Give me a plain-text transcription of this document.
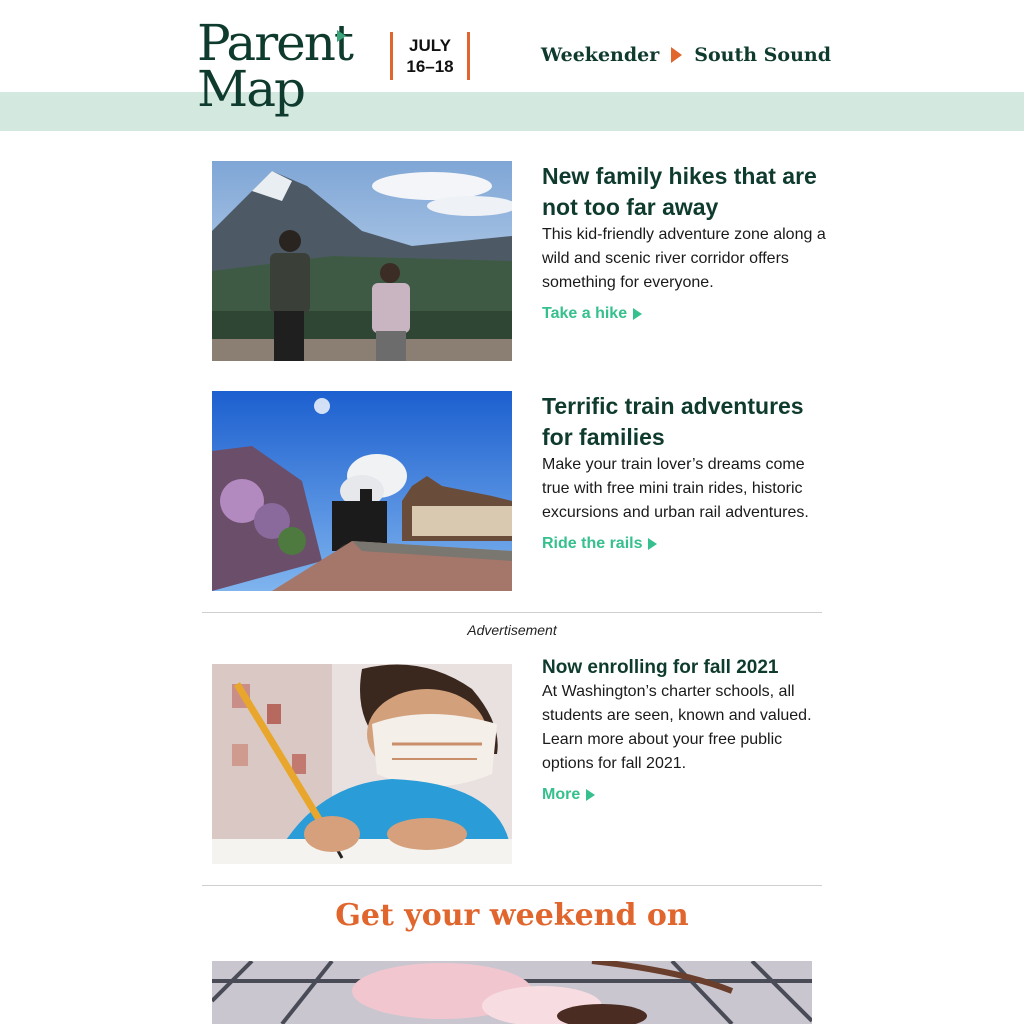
Parent
Map
JULY
16–18
Weekender South Sound
New family hikes that are not too far away

This kid-friendly adventure zone along a wild and scenic river corridor offers something for everyone.

Take a hike
Terrific train adventures for families

Make your train lover’s dreams come true with free mini train rides, historic excursions and urban rail adventures.

Ride the rails
Advertisement
Now enrolling for fall 2021

At Washington’s charter schools, all students are seen, known and valued. Learn more about your free public options for fall 2021.

More
Get your weekend on
